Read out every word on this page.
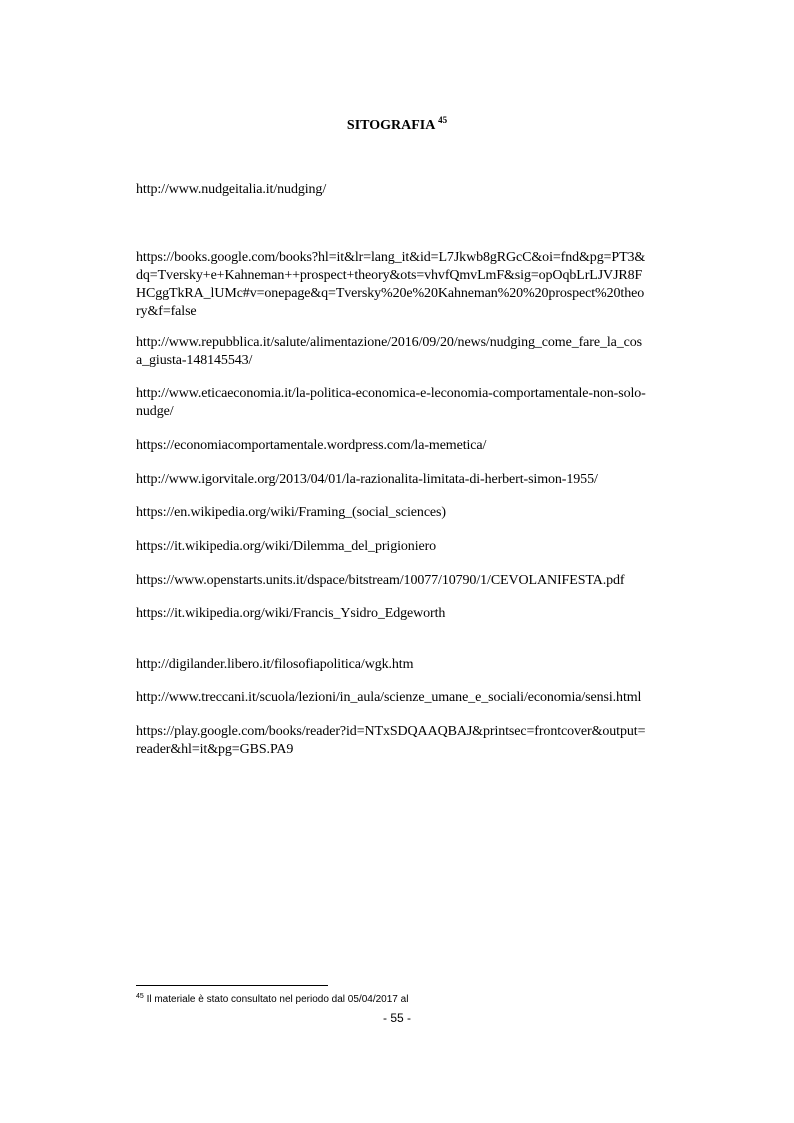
SITOGRAFIA $^{45}$
http://www.nudgeitalia.it/nudging/
https://books.google.com/books?hl=it&lr=lang_it&id=L7Jkwb8gRGcC&oi=fnd&pg=PT3&
dq=Tversky+e+Kahneman++prospect+theory&ots=vhvfQmvLmF&sig=opOqbLrLJVJR8F
HCggTkRA_lUMc#v=onepage&q=Tversky%20e%20Kahneman%20%20prospect%20theo
ry&f=false
http://www.repubblica.it/salute/alimentazione/2016/09/20/news/nudging_come_fare_la_cos
a_giusta-148145543/
http://www.eticaeconomia.it/la-politica-economica-e-leconomia-comportamentale-non-solo-
nudge/
https://economiacomportamentale.wordpress.com/la-memetica/
http://www.igorvitale.org/2013/04/01/la-razionalita-limitata-di-herbert-simon-1955/
https://en.wikipedia.org/wiki/Framing_(social_sciences)
https://it.wikipedia.org/wiki/Dilemma_del_prigioniero
https://www.openstarts.units.it/dspace/bitstream/10077/10790/1/CEVOLANIFESTA.pdf
https://it.wikipedia.org/wiki/Francis_Ysidro_Edgeworth
http://digilander.libero.it/filosofiapolitica/wgk.htm
http://www.treccani.it/scuola/lezioni/in_aula/scienze_umane_e_sociali/economia/sensi.html
https://play.google.com/books/reader?id=NTxSDQAAQBAJ&printsec=frontcover&output=
reader&hl=it&pg=GBS.PA9
$^{45}$ Il materiale è stato consultato nel periodo dal 05/04/2017 al
- 55 -
